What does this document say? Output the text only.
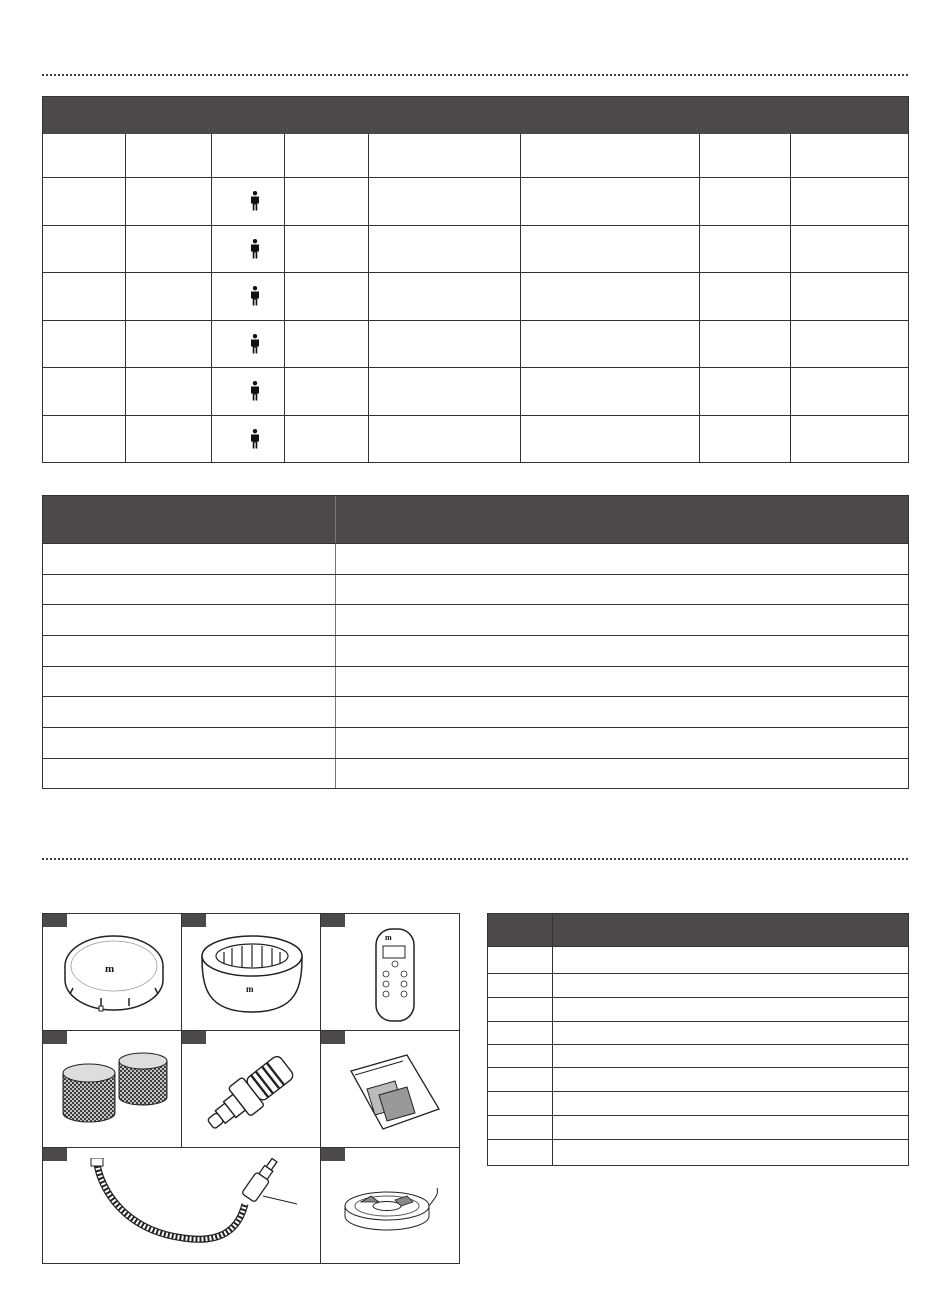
m
m
m
